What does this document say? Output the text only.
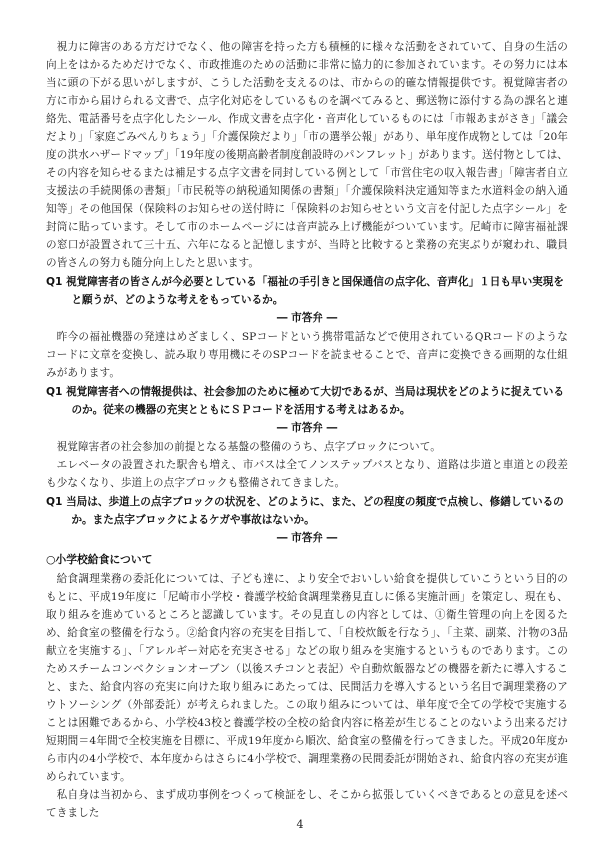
視力に障害のある方だけでなく、他の障害を持った方も積極的に様々な活動をされていて、自身の生活の向上をはかるためだけでなく、市政推進のための活動に非常に協力的に参加されています。その努力には本当に頭の下がる思いがしますが、こうした活動を支えるのは、市からの的確な情報提供です。視覚障害者の方に市から届けられる文書で、点字化対応をしているものを調べてみると、郵送物に添付する為の課名と連絡先、電話番号を点字化したシール、作成文書を点字化・音声化しているものには「市報あまがさき」「議会だより」「家庭ごみぺんりちょう」「介護保険だより」「市の選挙公報」があり、単年度作成物としては「20年度の洪水ハザードマップ」「19年度の後期高齢者制度創設時のパンフレット」があります。送付物としては、その内容を知らせるまたは補足する点字文書を同封している例として「市営住宅の収入報告書」「障害者自立支援法の手続関係の書類」「市民税等の納税通知関係の書類」「介護保険料決定通知等また水道料金の納入通知等」その他国保（保険料のお知らせの送付時に「保険料のお知らせという文言を付記した点字シール」を封筒に貼っています。そして市のホームページには音声読み上げ機能がついています。尼崎市に障害福祉課の窓口が設置されて三十五、六年になると記憶しますが、当時と比較すると業務の充実ぶりが窺われ、職員の皆さんの努力も随分向上したと思います。

Q1 視覚障害者の皆さんが今必要としている「福祉の手引きと国保通信の点字化、音声化」１日も早い実現をと願うが、どのような考えをもっているか。
― 市答弁 ―

昨今の福祉機器の発達はめざましく、SPコードという携帯電話などで使用されているQRコードのようなコードに文章を変換し、読み取り専用機にそのSPコードを読ませることで、音声に変換できる画期的な仕組みがあります。

Q1 視覚障害者への情報提供は、社会参加のために極めて大切であるが、当局は現状をどのように捉えているのか。従来の機器の充実とともにＳＰコードを活用する考えはあるか。
― 市答弁 ―

視覚障害者の社会参加の前提となる基盤の整備のうち、点字ブロックについて。

エレベータの設置された駅舎も増え、市バスは全てノンステップバスとなり、道路は歩道と車道との段差も少なくなり、歩道上の点字ブロックも整備されてきました。

Q1 当局は、歩道上の点字ブロックの状況を、どのように、また、どの程度の頻度で点検し、修繕しているのか。また点字ブロックによるケガや事故はないか。
― 市答弁 ―
○小学校給食について

給食調理業務の委託化については、子ども達に、より安全でおいしい給食を提供していこうという目的のもとに、平成19年度に「尼崎市小学校・養護学校給食調理業務見直しに係る実施計画」を策定し、現在も、取り組みを進めているところと認識しています。その見直しの内容としては、①衛生管理の向上を図るため、給食室の整備を行なう。②給食内容の充実を目指して、「自校炊飯を行なう」、「主菜、副菜、汁物の3品献立を実施する」、「アレルギー対応を充実させる」などの取り組みを実施するというものであります。このためスチームコンベクションオーブン（以後スチコンと表記）や自動炊飯器などの機器を新たに導入すること、また、給食内容の充実に向けた取り組みにあたっては、民間活力を導入するという名目で調理業務のアウトソーシング（外部委託）が考えられました。この取り組みについては、単年度で全ての学校で実施することは困難であるから、小学校43校と養護学校の全校の給食内容に格差が生じることのないよう出来るだけ短期間＝4年間で全校実施を目標に、平成19年度から順次、給食室の整備を行ってきました。平成20年度から市内の4小学校で、本年度からはさらに4小学校で、調理業務の民間委託が開始され、給食内容の充実が進められています。

私自身は当初から、まず成功事例をつくって検証をし、そこから拡張していくべきであるとの意見を述べてきました

4
